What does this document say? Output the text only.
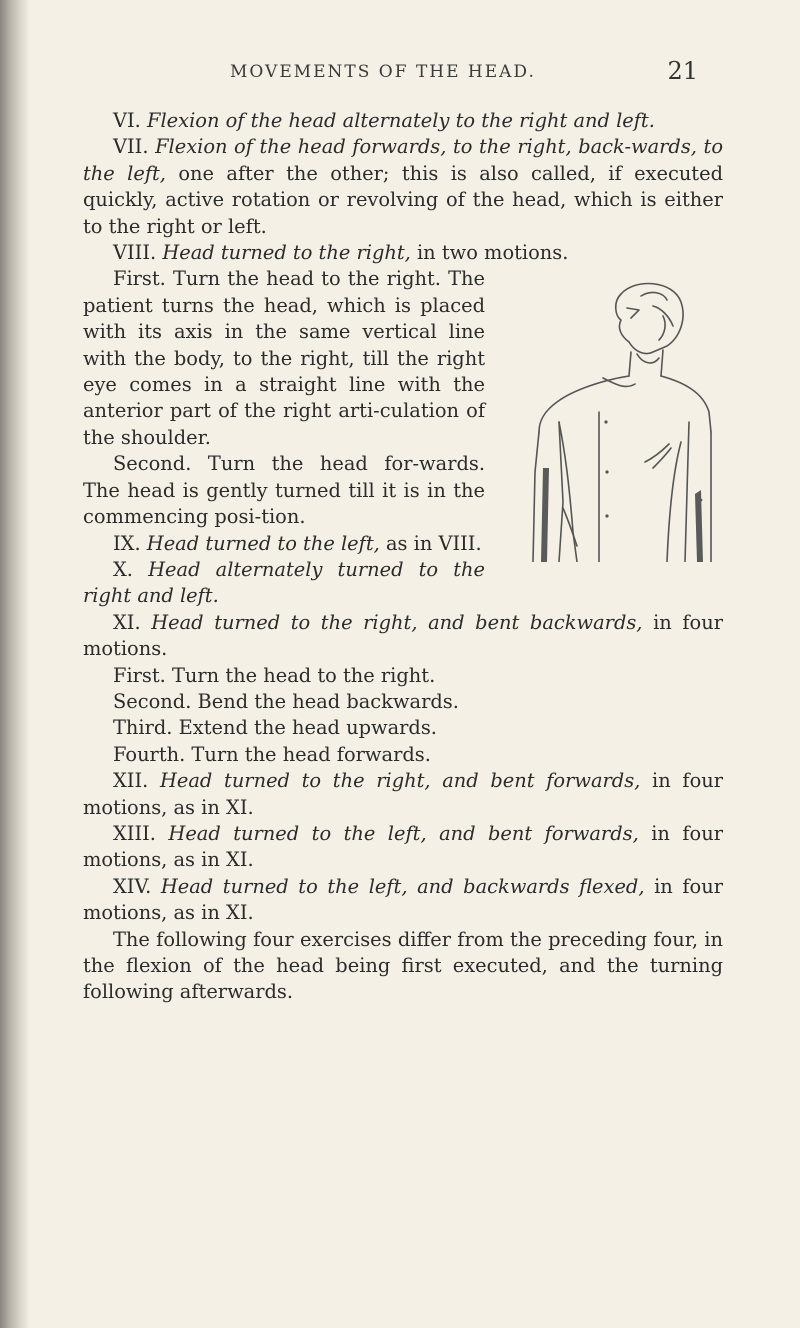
MOVEMENTS OF THE HEAD.	21

VI. Flexion of the head alternately to the right and left.

VII. Flexion of the head forwards, to the right, back-wards, to the left, one after the other; this is also called, if executed quickly, active rotation or revolving of the head, which is either to the right or left.

VIII. Head turned to the right, in two motions.

First. Turn the head to the right. The patient turns the head, which is placed with its axis in the same vertical line with the body, to the right, till the right eye comes in a straight line with the anterior part of the right arti-culation of the shoulder.

Second. Turn the head for-wards. The head is gently turned till it is in the commencing posi-tion.

IX. Head turned to the left, as in VIII.

X. Head alternately turned to the right and left.

XI. Head turned to the right, and bent backwards, in four motions.

First. Turn the head to the right.

Second. Bend the head backwards.

Third. Extend the head upwards.

Fourth. Turn the head forwards.

XII. Head turned to the right, and bent forwards, in four motions, as in XI.

XIII. Head turned to the left, and bent forwards, in four motions, as in XI.

XIV. Head turned to the left, and backwards flexed, in four motions, as in XI.

The following four exercises differ from the preceding four, in the flexion of the head being first executed, and the turning following afterwards.
